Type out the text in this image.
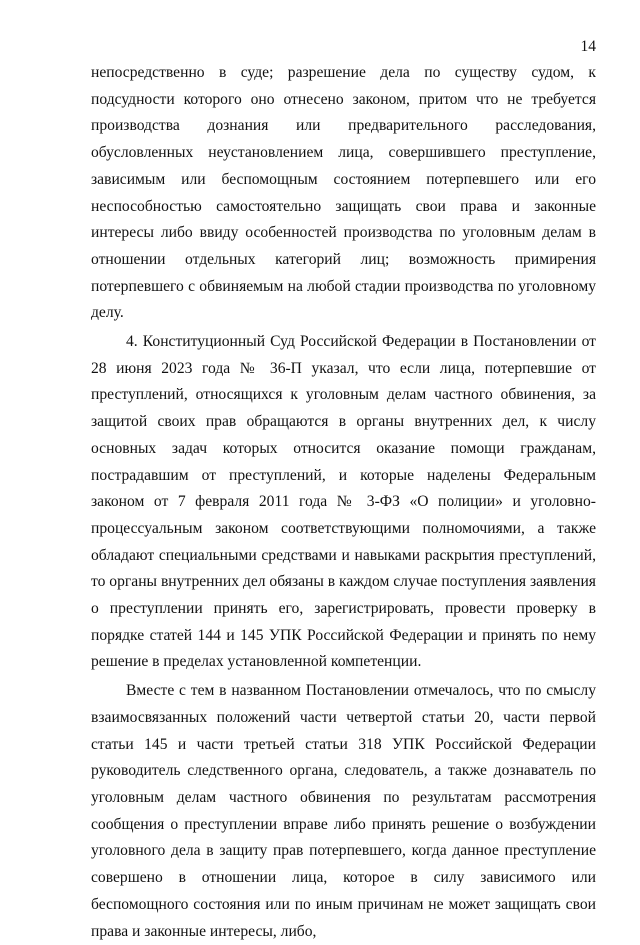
14

непосредственно в суде; разрешение дела по существу судом, к подсудности которого оно отнесено законом, притом что не требуется производства дознания или предварительного расследования, обусловленных неустановлением лица, совершившего преступление, зависимым или беспомощным состоянием потерпевшего или его неспособностью самостоятельно защищать свои права и законные интересы либо ввиду особенностей производства по уголовным делам в отношении отдельных категорий лиц; возможность примирения потерпевшего с обвиняемым на любой стадии производства по уголовному делу.

4. Конституционный Суд Российской Федерации в Постановлении от 28 июня 2023 года № 36-П указал, что если лица, потерпевшие от преступлений, относящихся к уголовным делам частного обвинения, за защитой своих прав обращаются в органы внутренних дел, к числу основных задач которых относится оказание помощи гражданам, пострадавшим от преступлений, и которые наделены Федеральным законом от 7 февраля 2011 года № 3-ФЗ «О полиции» и уголовно-процессуальным законом соответствующими полномочиями, а также обладают специальными средствами и навыками раскрытия преступлений, то органы внутренних дел обязаны в каждом случае поступления заявления о преступлении принять его, зарегистрировать, провести проверку в порядке статей 144 и 145 УПК Российской Федерации и принять по нему решение в пределах установленной компетенции.

Вместе с тем в названном Постановлении отмечалось, что по смыслу взаимосвязанных положений части четвертой статьи 20, части первой статьи 145 и части третьей статьи 318 УПК Российской Федерации руководитель следственного органа, следователь, а также дознаватель по уголовным делам частного обвинения по результатам рассмотрения сообщения о преступлении вправе либо принять решение о возбуждении уголовного дела в защиту прав потерпевшего, когда данное преступление совершено в отношении лица, которое в силу зависимого или беспомощного состояния или по иным причинам не может защищать свои права и законные интересы, либо,
